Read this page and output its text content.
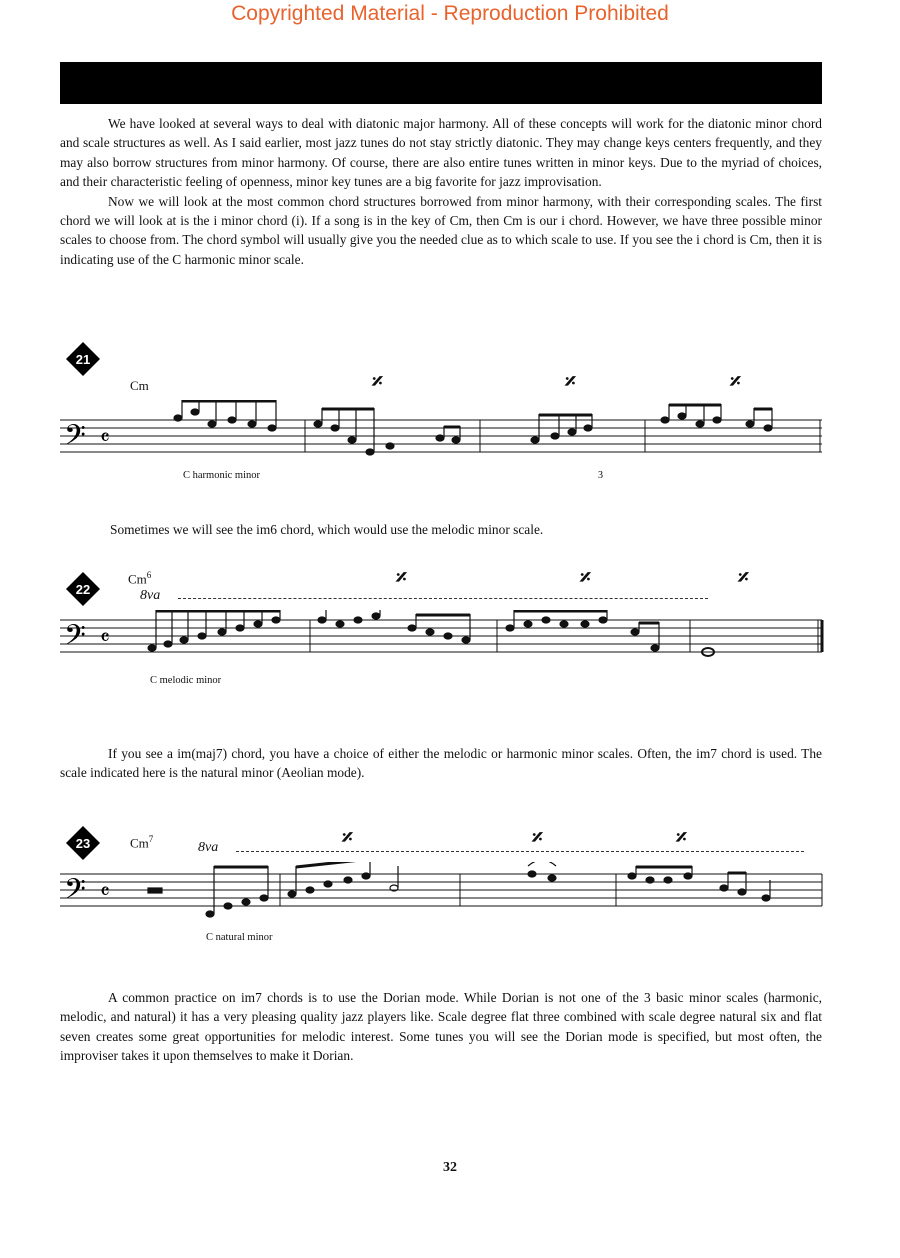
Copyrighted Material - Reproduction Prohibited

We have looked at several ways to deal with diatonic major harmony. All of these concepts will work for the diatonic minor chord and scale structures as well. As I said earlier, most jazz tunes do not stay strictly diatonic. They may change keys centers frequently, and they may also borrow structures from minor harmony. Of course, there are also entire tunes written in minor keys. Due to the myriad of choices, and their characteristic feeling of openness, minor key tunes are a big favorite for jazz improvisation.

Now we will look at the most common chord structures borrowed from minor harmony, with their corresponding scales. The first chord we will look at is the i minor chord (i). If a song is in the key of Cm, then Cm is our i chord. However, we have three possible minor scales to choose from. The chord symbol will usually give you the needed clue as to which scale to use. If you see the i chord is Cm, then it is indicating use of the C harmonic minor scale.

21
Cm	𝄎	𝄎	𝄎
𝄢 𝄴
3
C harmonic minor

Sometimes we will see the im6 chord, which would use the melodic minor scale.

22
Cm$^6$
8va
𝄎	𝄎	𝄎
𝄢 𝄴
C melodic minor

If you see a im(maj7) chord, you have a choice of either the melodic or harmonic minor scales. Often, the im7 chord is used. The scale indicated here is the natural minor (Aeolian mode).

23	Cm$^7$
8va	𝄎	𝄎	𝄎
𝄢 𝄴
C natural minor

A common practice on im7 chords is to use the Dorian mode. While Dorian is not one of the 3 basic minor scales (harmonic, melodic, and natural) it has a very pleasing quality jazz players like. Scale degree flat three combined with scale degree natural six and flat seven creates some great opportunities for melodic interest. Some tunes you will see the Dorian mode is specified, but most often, the improviser takes it upon themselves to make it Dorian.

32
